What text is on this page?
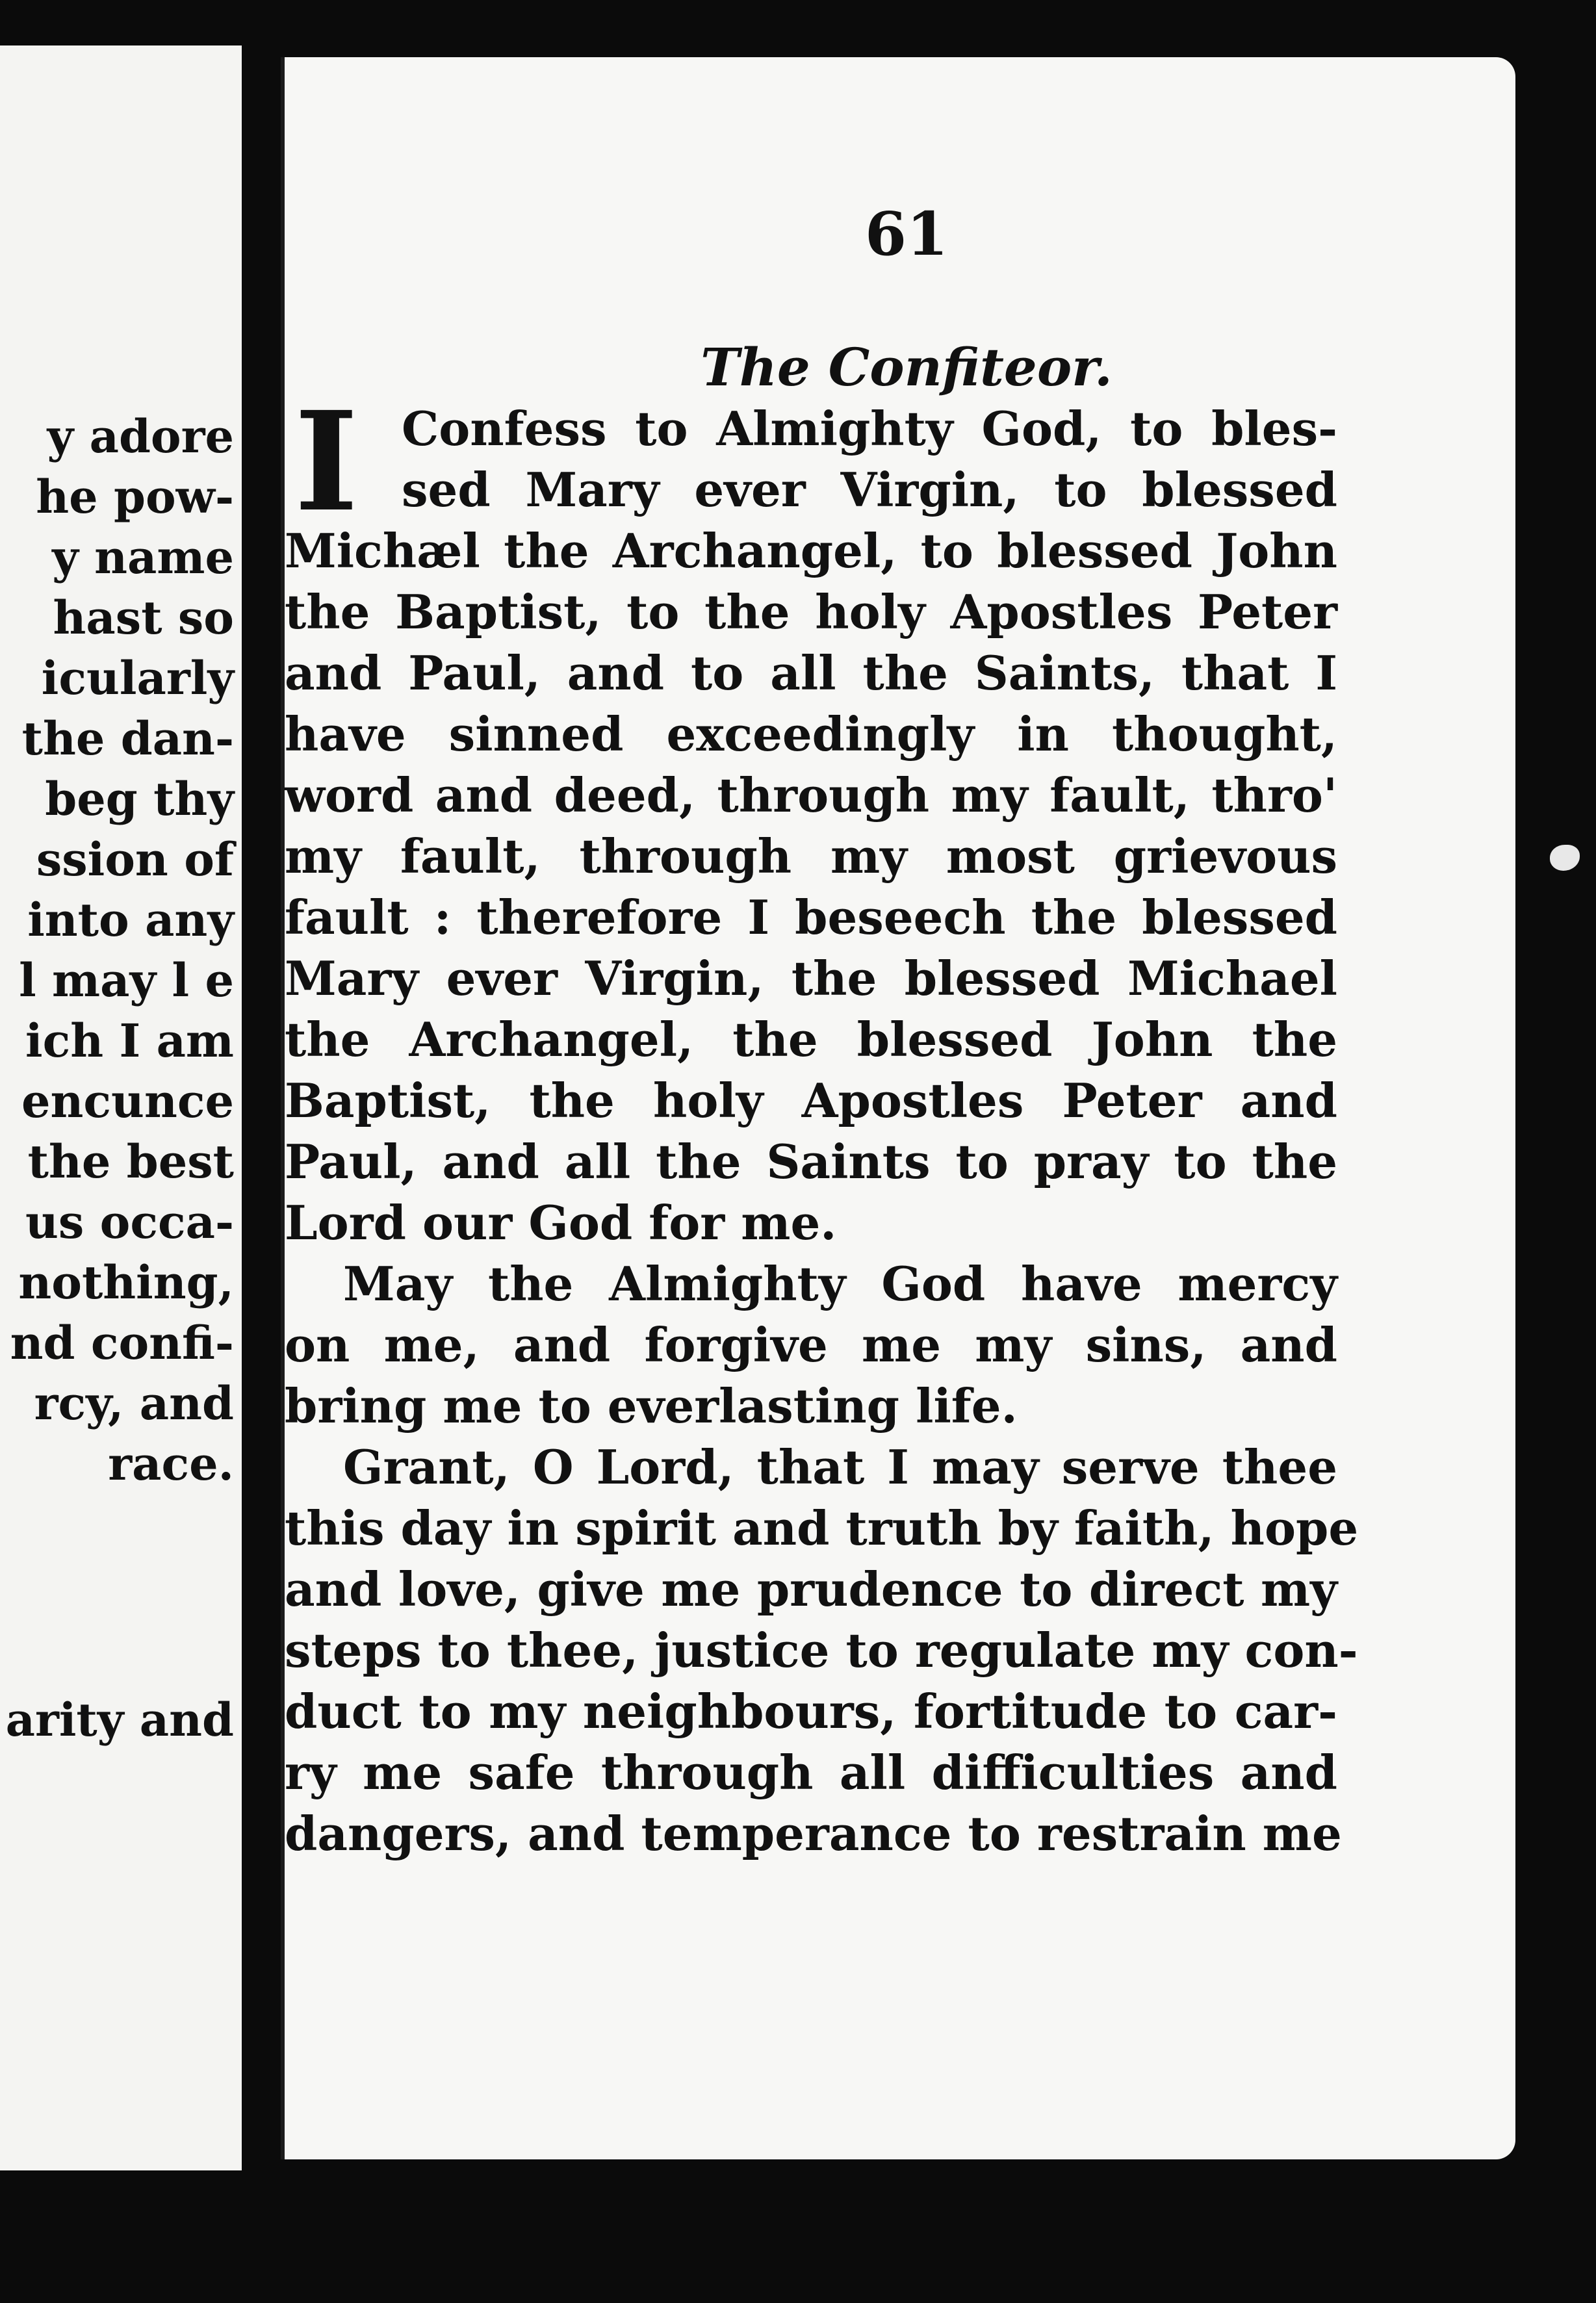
y adore
he pow-
y name
hast so
icularly
the dan-
beg thy
ssion of
into any
l may l e
ich I am
encunce
the best
us occa-
nothing,
nd confi-
rcy, and
race.
arity and
61
The Confiteor.
I Confess to Almighty God, to bles-
sed Mary ever Virgin, to blessed
Michæl the Archangel, to blessed John
the Baptist, to the holy Apostles Peter
and Paul, and to all the Saints, that I
have sinned exceedingly in thought,
word and deed, through my fault, thro'
my fault, through my most grievous
fault : therefore I beseech the blessed
Mary ever Virgin, the blessed Michael
the Archangel, the blessed John the
Baptist, the holy Apostles Peter and
Paul, and all the Saints to pray to the
Lord our God for me.
May the Almighty God have mercy
on me, and forgive me my sins, and
bring me to everlasting life.
Grant, O Lord, that I may serve thee
this day in spirit and truth by faith, hope
and love, give me prudence to direct my
steps to thee, justice to regulate my con-
duct to my neighbours, fortitude to car-
ry me safe through all difficulties and
dangers, and temperance to restrain me
